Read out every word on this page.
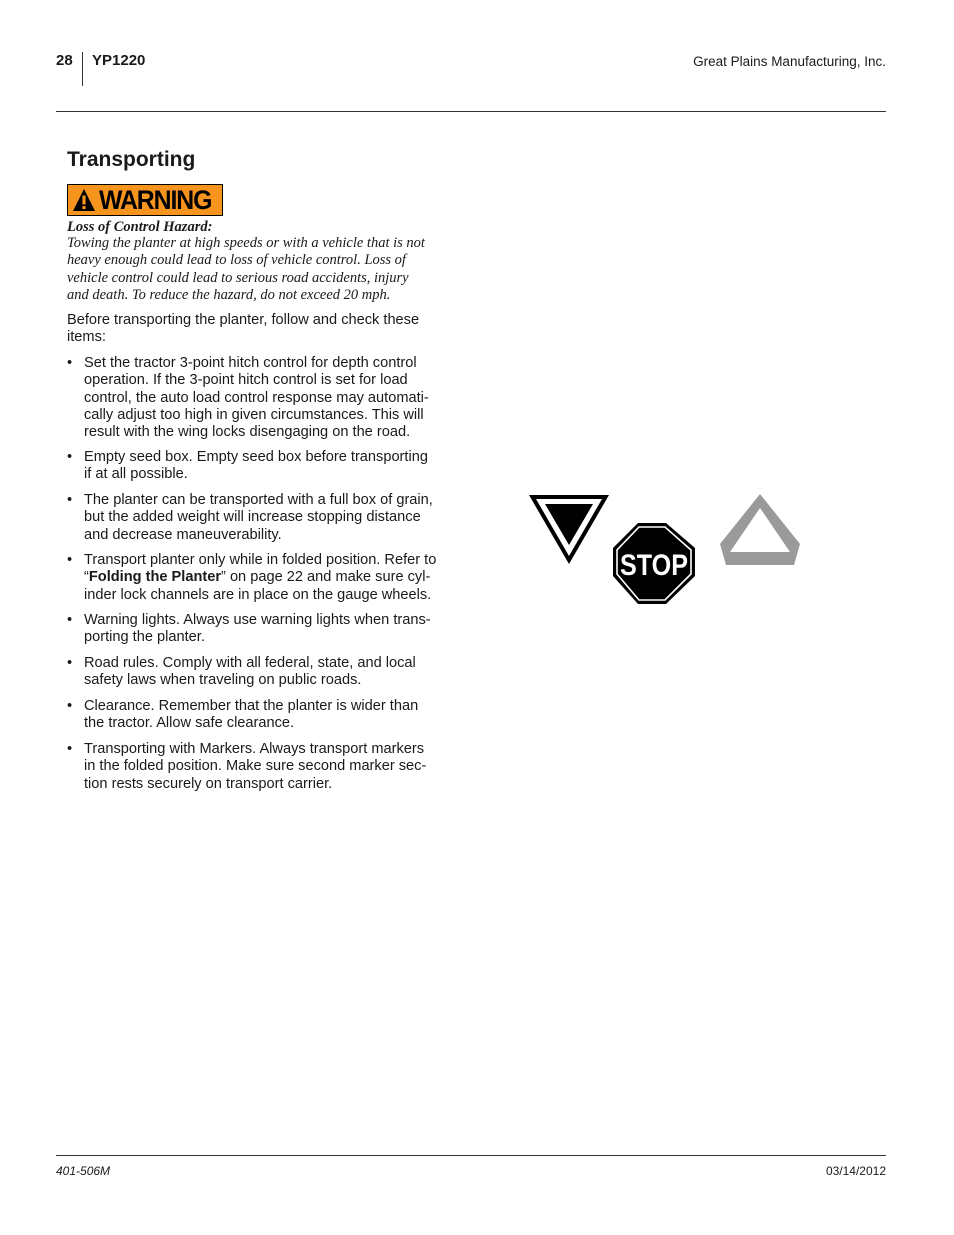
28 YP1220	Great Plains Manufacturing, Inc.
Transporting
WARNING
Loss of Control Hazard:
Towing the planter at high speeds or with a vehicle that is not
heavy enough could lead to loss of vehicle control. Loss of
vehicle control could lead to serious road accidents, injury
and death. To reduce the hazard, do not exceed 20 mph.
Before transporting the planter, follow and check these
items:
• Set the tractor 3-point hitch control for depth control
operation. If the 3-point hitch control is set for load
control, the auto load control response may automati-
cally adjust too high in given circumstances. This will
result with the wing locks disengaging on the road.
• Empty seed box. Empty seed box before transporting
if at all possible.
• The planter can be transported with a full box of grain,
but the added weight will increase stopping distance
and decrease maneuverability.
• Transport planter only while in folded position. Refer to
“Folding the Planter” on page 22 and make sure cyl-
inder lock channels are in place on the gauge wheels.
• Warning lights. Always use warning lights when trans-
porting the planter.
• Road rules. Comply with all federal, state, and local
safety laws when traveling on public roads.
• Clearance. Remember that the planter is wider than
the tractor. Allow safe clearance.
• Transporting with Markers. Always transport markers
in the folded position. Make sure second marker sec-
tion rests securely on transport carrier.
STOP
401-506M	03/14/2012
